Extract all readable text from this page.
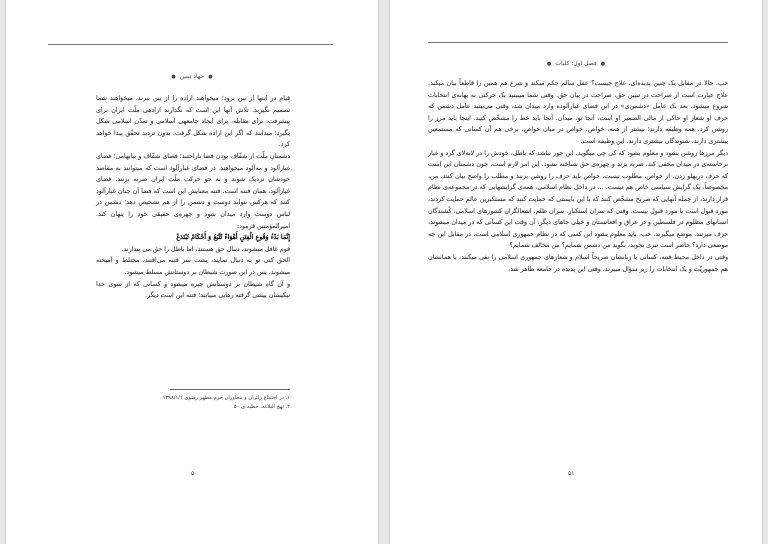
●جهاد تبیین●

قیام در اینها از بین برود؛ میخواهند اراده را از بین ببرند، میخواهند شما تصمیم نگیرید. تلاش آنها این است که نگذارند ارادهی ملّت ایران برای پیشرفت، برای مقابله، برای ایجاد جامعهی اسلامی و تمدّن اسلامی شکل بگیرد؛ میدانند که اگر این اراده شکل گرفت، بدون تردید تحقّق پیدا خواهد کرد.

دشمنانِ ملّت از شفّاف بودن فضا ناراحتند؛ فضای شفّاف و بیابهامی؛ فضای غبارآلود و مه‌آلود میخواهند. در فضای غبارآلود است که میتوانند به مقاصد خودشان نزدیک شوند و به جو حرکت ملّت ایران ضربه بزنند. فضای غبارآلود، همان فتنه است. فتنه معنایش این است که فضا آن چنان غبارآلود کنند که هرکس نتواند دوست و دشمن را از هم تشخیص دهد؛ دشمن در لباس دوست وارد میدان شود و چهره‌ی حقیقی خود را پنهان کند. امیرالمؤمنین فرمود:

إِنَّمَا بَدْءُ وُقُوعِ الْفِتَنِ أَهْوَاءٌ تُتَّبَعُ وَ أَحْكَامٌ تُبْتَدَعُ

قوم غافل میشوند، دنبال حق هستند، اما باطل را حق می پندارند.

الحق کنی تو به دنبال نمایند، پشت سر فتنه می‌افتند، مختلط و آمیخته میشوند، پس در این صورت شیطان بر دوستانش مسلط میشود.

و آن گاه شیطان بر دوستانش چیره میشود و کسانی که از سوی خدا نیکیشان پیشی گرفته رهایی مییابند؛ فتنه این است دیگر.

۱. در اجتماع زائران و مجاوران حرم مطهر رضوی ۱۳۹۸/۱/۱

۲. نهج البلاغه، خطبه ی ۵۰

۵۰
●فصل اول: کلیات●

خب، حالا در مقابل یک چنین پدیده‌ای، علاج چیست؟ عقل سالم حکم میکند و شرع هم همین را قاطعاً بیان میکند. علاج عبارت است از صراحت در تبیین حق، صراحت در بیان حق. وقتی شما میبینید یک حرکتی به بهانه‌ی انتخابات شروع میشود، بعد یک عامل «دشمن‌ی» در این فضای غبارآلوده وارد میدان شد، وقتی می‌بینید عامل دشمن که حرف او شعار او حاکی از مالی الضمیر او است، آنجا تو، میدان، آنجا باید خط را مشخّص کنید. اینجا باید مرز را روشن کرد. همه وظیفه دارند؛ بیشتر از همه، خواص. خواص در میان خواص، برخی هم آن کسانی که مستمعین بیشتری دارند، شنوندگان بیشتری دارند. این وظیفه است.

دیگر مرزها روشن بشود و معلوم بشود که کی چی میگوید. این جور نباشد که باطل، خودش را در لابه‌لای گرد و غبار برخاسته‌ی در میدان مخفی کند، ضربه بزند و چهره‌ی حق شناخته نشود. این امر لازم است، چون دشمنان این است که حرف درپهلو زدن، از خواص، مطلوب نیست، خواص باید حرف را روشن بزنند و مطلب را واضح بیان کنند. من، مخصوصاً، یک گرایش سیاسی خاص هم نیست، ... در داخل نظام اسلامی، همه‌ی گرایشهایی که در مجموعه‌ی نظام قرار دارند، از جمله آنهایی که صریح مشخّص کنند که با این بایستی که حمایت کنند که مستکبرین عالم حمایت کردند، مورد قبول است یا مورد قبول نیست. وقتی که سران استکبار، سران ظلم، اشغالگران کشورهای اسلامی، کُشندگان انسانهای مظلوم در فلسطین و در عراق و افغانستان و خیلی جاهای دیگر، آن وقت این کسانی که در میدان میشوند، حرف میزنند، موضع میگیرند، خب، باید معلوم بشود این کسی که در نظام جمهوری اسلامی است، در مقابل این چه موضعی دارد؟ حاضر است تبری بجوید، بگوید من دشمن شمایم؟ من مخالف شمایم؟

وقتی در داخل محیط فتنه، کسانی با زبانشان صریحاً اسلام و شعارهای جمهوری اسلامی را نفی میکنند، با همانشان هم جمهوریّت و یک انتخابات را زیر سؤال میبرند، وقتی این پدیده در جامعه ظاهر شد،

۵۱
